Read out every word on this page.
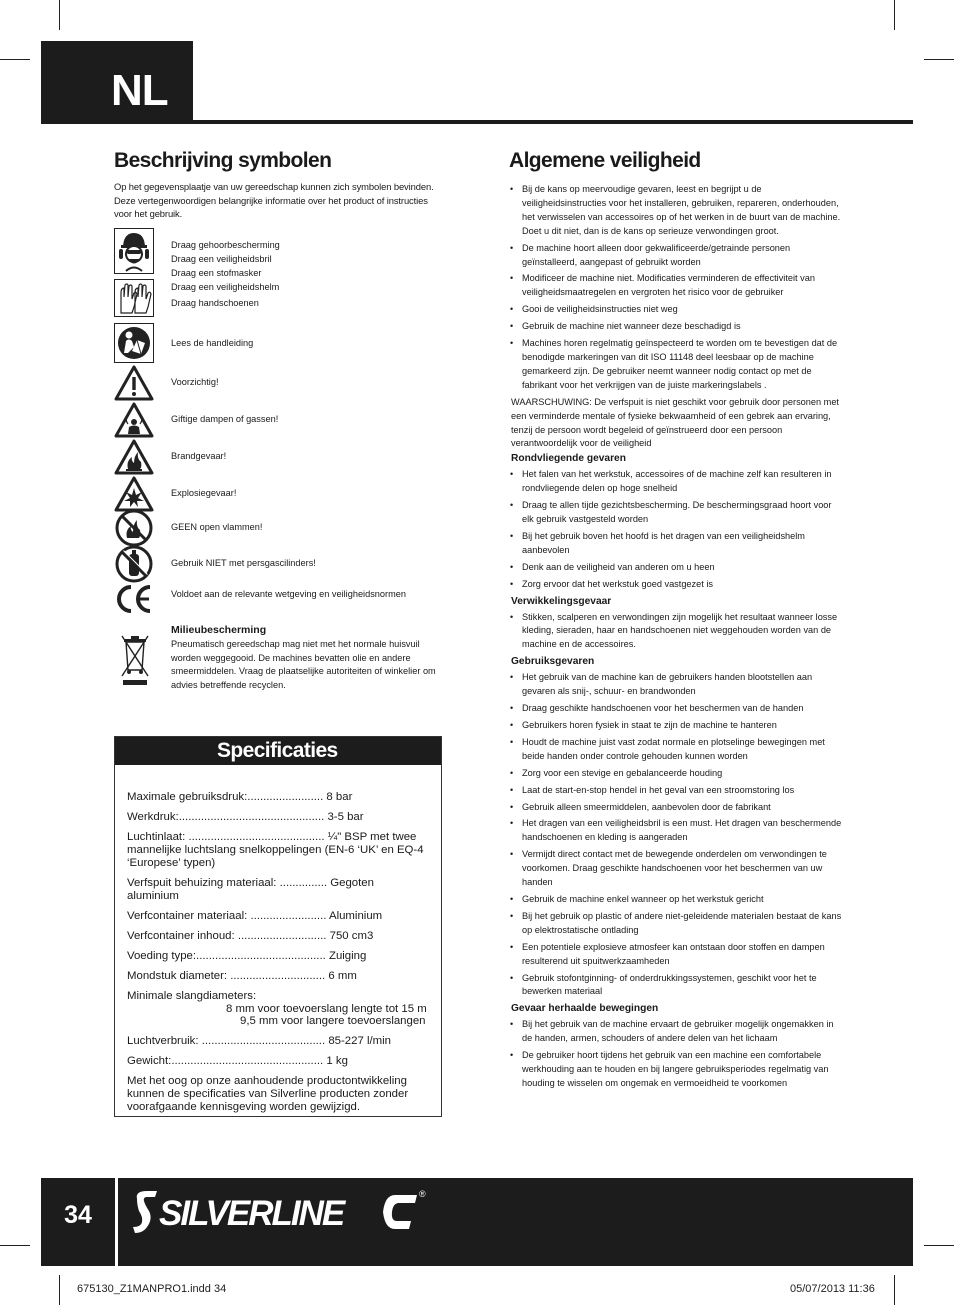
NL
Beschrijving symbolen

Op het gegevensplaatje van uw gereedschap kunnen zich symbolen bevinden. Deze vertegenwoordigen belangrijke informatie over het product of instructies voor het gebruik.

Draag gehoorbescherming
Draag een veiligheidsbril
Draag een stofmasker
Draag een veiligheidshelm
Draag handschoenen
Lees de handleiding
Voorzichtig!
Giftige dampen of gassen!
Brandgevaar!
Explosiegevaar!
GEEN open vlammen!
Gebruik NIET met persgascilinders!
Voldoet aan de relevante wetgeving en veiligheidsnormen
Milieubescherming
Pneumatisch gereedschap mag niet met het normale huisvuil worden weggegooid. De machines bevatten olie en andere smeermiddelen. Vraag de plaatselijke autoriteiten of winkelier om advies betreffende recyclen.
Specificaties
Maximale gebruiksdruk:........................ 8 bar
Werkdruk:.............................................. 3-5 bar
Luchtinlaat: ........................................... ¼" BSP met twee mannelijke luchtslang snelkoppelingen (EN-6 ‘UK’ en EQ-4 ‘Europese’ typen)
Verfspuit behuizing materiaal: ............... Gegoten aluminium
Verfcontainer materiaal: ........................ Aluminium
Verfcontainer inhoud: ............................ 750 cm3
Voeding type:......................................... Zuiging
Mondstuk diameter: .............................. 6 mm
Minimale slangdiameters:
8 mm voor toevoerslang lengte tot 15 m
9,5 mm voor langere toevoerslangen
Luchtverbruik: ....................................... 85-227 l/min
Gewicht:................................................ 1 kg
Met het oog op onze aanhoudende productontwikkeling kunnen de specificaties van Silverline producten zonder voorafgaande kennisgeving worden gewijzigd.
Algemene veiligheid
• Bij de kans op meervoudige gevaren, leest en begrijpt u de veiligheidsinstructies voor het installeren, gebruiken, repareren, onderhouden, het verwisselen van accessoires op of het werken in de buurt van de machine. Doet u dit niet, dan is de kans op serieuze verwondingen groot.
• De machine hoort alleen door gekwalificeerde/getrainde personen geïnstalleerd, aangepast of gebruikt worden
• Modificeer de machine niet. Modificaties verminderen de effectiviteit van veiligheidsmaatregelen en vergroten het risico voor de gebruiker
• Gooi de veiligheidsinstructies niet weg
• Gebruik de machine niet wanneer deze beschadigd is
• Machines horen regelmatig geïnspecteerd te worden om te bevestigen dat de benodigde markeringen van dit ISO 11148 deel leesbaar op de machine gemarkeerd zijn. De gebruiker neemt wanneer nodig contact op met de fabrikant voor het verkrijgen van de juiste markeringslabels .

WAARSCHUWING: De verfspuit is niet geschikt voor gebruik door personen met een verminderde mentale of fysieke bekwaamheid of een gebrek aan ervaring, tenzij de persoon wordt begeleid of geïnstrueerd door een persoon verantwoordelijk voor de veiligheid

Rondvliegende gevaren
• Het falen van het werkstuk, accessoires of de machine zelf kan resulteren in rondvliegende delen op hoge snelheid
• Draag te allen tijde gezichtsbescherming. De beschermingsgraad hoort voor elk gebruik vastgesteld worden
• Bij het gebruik boven het hoofd is het dragen van een veiligheidshelm aanbevolen
• Denk aan de veiligheid van anderen om u heen
• Zorg ervoor dat het werkstuk goed vastgezet is
Verwikkelingsgevaar
• Stikken, scalperen en verwondingen zijn mogelijk het resultaat wanneer losse kleding, sieraden, haar en handschoenen niet weggehouden worden van de machine en de accessoires.
Gebruiksgevaren
• Het gebruik van de machine kan de gebruikers handen blootstellen aan gevaren als snij-, schuur- en brandwonden
• Draag geschikte handschoenen voor het beschermen van de handen
• Gebruikers horen fysiek in staat te zijn de machine te hanteren
• Houdt de machine juist vast zodat normale en plotselinge bewegingen met beide handen onder controle gehouden kunnen worden
• Zorg voor een stevige en gebalanceerde houding
• Laat de start-en-stop hendel in het geval van een stroomstoring los
• Gebruik alleen smeermiddelen, aanbevolen door de fabrikant
• Het dragen van een veiligheidsbril is een must. Het dragen van beschermende handschoenen en kleding is aangeraden
• Vermijdt direct contact met de bewegende onderdelen om verwondingen te voorkomen. Draag geschikte handschoenen voor het beschermen van uw handen
• Gebruik de machine enkel wanneer op het werkstuk gericht
• Bij het gebruik op plastic of andere niet-geleidende materialen bestaat de kans op elektrostatische ontlading
• Een potentiele explosieve atmosfeer kan ontstaan door stoffen en dampen resulterend uit spuitwerkzaamheden
• Gebruik stofontginning- of onderdrukkingssystemen, geschikt voor het te bewerken materiaal
Gevaar herhaalde bewegingen
• Bij het gebruik van de machine ervaart de gebruiker mogelijk ongemakken in de handen, armen, schouders of andere delen van het lichaam
• De gebruiker hoort tijdens het gebruik van een machine een comfortabele werkhouding aan te houden en bij langere gebruiksperiodes regelmatig van houding te wisselen om ongemak en vermoeidheid te voorkomen
34	SILVERLINE	®
675130_Z1MANPRO1.indd 34	05/07/2013 11:36
